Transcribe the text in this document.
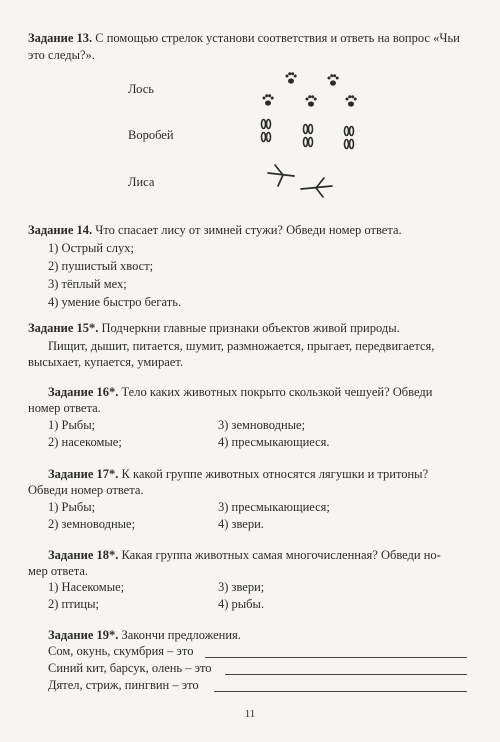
Задание 13. С помощью стрелок установи соответствия и ответь на вопрос «Чьи это следы?».
Лось
Воробей
Лиса
Задание 14. Что спасает лису от зимней стужи? Обведи номер ответа.
1) Острый слух;
2) пушистый хвост;
3) тёплый мех;
4) умение быстро бегать.
Задание 15*. Подчеркни главные признаки объектов живой природы.
Пищит, дышит, питается, шумит, размножается, прыгает, передвигается,
высыхает, купается, умирает.
Задание 16*. Тело каких животных покрыто скользкой чешуей? Обведи
номер ответа.
1) Рыбы;	3) земноводные;
2) насекомые;	4) пресмыкающиеся.
Задание 17*. К какой группе животных относятся лягушки и тритоны?
Обведи номер ответа.
1) Рыбы;	3) пресмыкающиеся;
2) земноводные;	4) звери.
Задание 18*. Какая группа животных самая многочисленная? Обведи но-
мер ответа.
1) Насекомые;	3) звери;
2) птицы;	4) рыбы.
Задание 19*. Закончи предложения.
Сом, окунь, скумбрия – это
Синий кит, барсук, олень – это
Дятел, стриж, пингвин – это
11
